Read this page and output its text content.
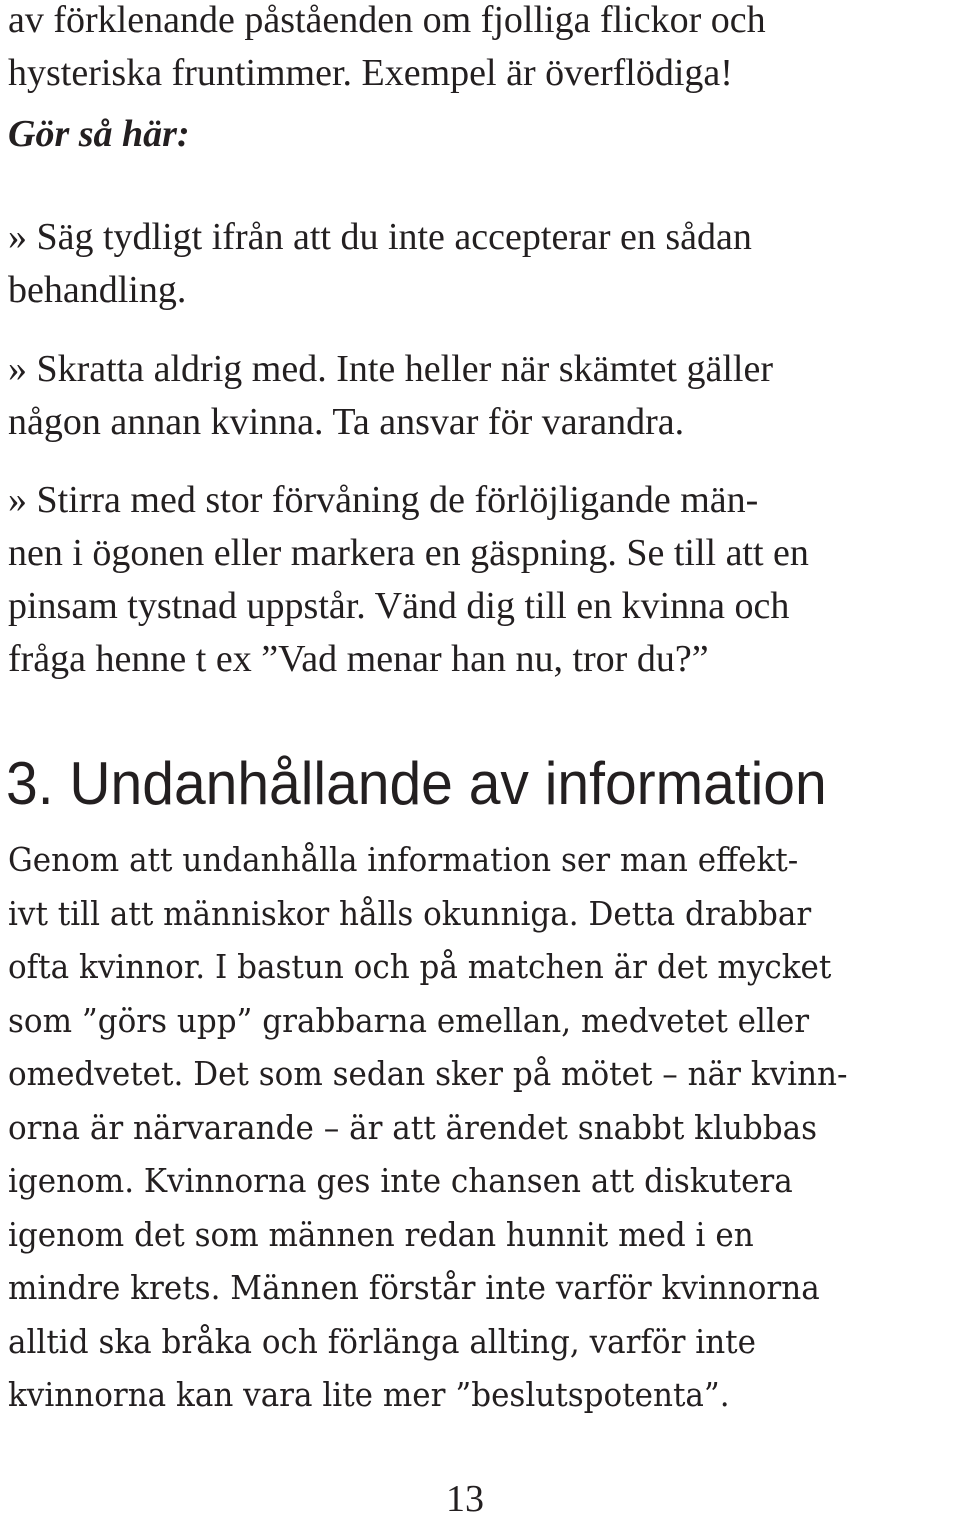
av förklenande påståenden om fjolliga flickor och
hysteriska fruntimmer. Exempel är överflödiga!
Gör så här:
» Säg tydligt ifrån att du inte accepterar en sådan
behandling.
» Skratta aldrig med. Inte heller när skämtet gäller
någon annan kvinna. Ta ansvar för varandra.
» Stirra med stor förvåning de förlöjligande män-
nen i ögonen eller markera en gäspning. Se till att en
pinsam tystnad uppstår. Vänd dig till en kvinna och
fråga henne t ex ”Vad menar han nu, tror du?”
3. Undanhållande av information
Genom att undanhålla information ser man effekt-
ivt till att människor hålls okunniga. Detta drabbar
ofta kvinnor. I bastun och på matchen är det mycket
som ”görs upp” grabbarna emellan, medvetet eller
omedvetet. Det som sedan sker på mötet – när kvinn-
orna är närvarande – är att ärendet snabbt klubbas
igenom. Kvinnorna ges inte chansen att diskutera
igenom det som männen redan hunnit med i en
mindre krets. Männen förstår inte varför kvinnorna
alltid ska bråka och förlänga allting, varför inte
kvinnorna kan vara lite mer ”beslutspotenta”.
13
